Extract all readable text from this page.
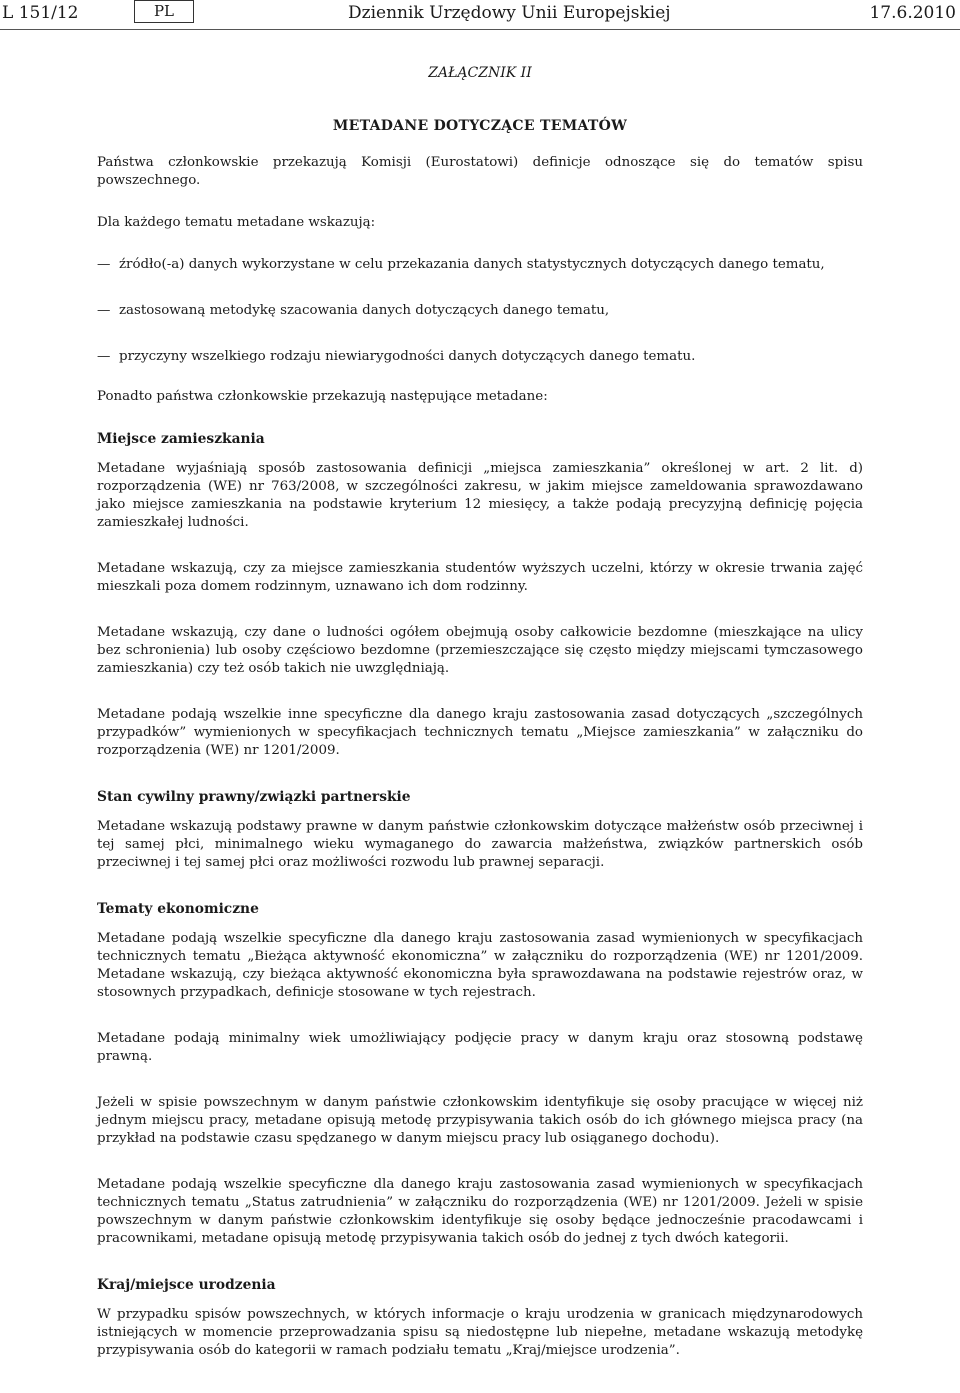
L 151/12	PL	Dziennik Urzędowy Unii Europejskiej	17.6.2010
ZAŁĄCZNIK II
METADANE DOTYCZĄCE TEMATÓW

Państwa członkowskie przekazują Komisji (Eurostatowi) definicje odnoszące się do tematów spisu powszechnego.

Dla każdego tematu metadane wskazują:

— źródło(-a) danych wykorzystane w celu przekazania danych statystycznych dotyczących danego tematu,
— zastosowaną metodykę szacowania danych dotyczących danego tematu,
— przyczyny wszelkiego rodzaju niewiarygodności danych dotyczących danego tematu.

Ponadto państwa członkowskie przekazują następujące metadane:

Miejsce zamieszkania

Metadane wyjaśniają sposób zastosowania definicji „miejsca zamieszkania” określonej w art. 2 lit. d) rozporządzenia (WE) nr 763/2008, w szczególności zakresu, w jakim miejsce zameldowania sprawozdawano jako miejsce zamieszkania na podstawie kryterium 12 miesięcy, a także podają precyzyjną definicję pojęcia zamieszkałej ludności.

Metadane wskazują, czy za miejsce zamieszkania studentów wyższych uczelni, którzy w okresie trwania zajęć mieszkali poza domem rodzinnym, uznawano ich dom rodzinny.

Metadane wskazują, czy dane o ludności ogółem obejmują osoby całkowicie bezdomne (mieszkające na ulicy bez schronienia) lub osoby częściowo bezdomne (przemieszczające się często między miejscami tymczasowego zamieszkania) czy też osób takich nie uwzględniają.

Metadane podają wszelkie inne specyficzne dla danego kraju zastosowania zasad dotyczących „szczególnych przypadków” wymienionych w specyfikacjach technicznych tematu „Miejsce zamieszkania” w załączniku do rozporządzenia (WE) nr 1201/2009.

Stan cywilny prawny/związki partnerskie

Metadane wskazują podstawy prawne w danym państwie członkowskim dotyczące małżeństw osób przeciwnej i tej samej płci, minimalnego wieku wymaganego do zawarcia małżeństwa, związków partnerskich osób przeciwnej i tej samej płci oraz możliwości rozwodu lub prawnej separacji.

Tematy ekonomiczne

Metadane podają wszelkie specyficzne dla danego kraju zastosowania zasad wymienionych w specyfikacjach technicznych tematu „Bieżąca aktywność ekonomiczna” w załączniku do rozporządzenia (WE) nr 1201/2009. Metadane wskazują, czy bieżąca aktywność ekonomiczna była sprawozdawana na podstawie rejestrów oraz, w stosownych przypadkach, definicje stosowane w tych rejestrach.

Metadane podają minimalny wiek umożliwiający podjęcie pracy w danym kraju oraz stosowną podstawę prawną.

Jeżeli w spisie powszechnym w danym państwie członkowskim identyfikuje się osoby pracujące w więcej niż jednym miejscu pracy, metadane opisują metodę przypisywania takich osób do ich głównego miejsca pracy (na przykład na podstawie czasu spędzanego w danym miejscu pracy lub osiąganego dochodu).

Metadane podają wszelkie specyficzne dla danego kraju zastosowania zasad wymienionych w specyfikacjach technicznych tematu „Status zatrudnienia” w załączniku do rozporządzenia (WE) nr 1201/2009. Jeżeli w spisie powszechnym w danym państwie członkowskim identyfikuje się osoby będące jednocześnie pracodawcami i pracownikami, metadane opisują metodę przypisywania takich osób do jednej z tych dwóch kategorii.

Kraj/miejsce urodzenia

W przypadku spisów powszechnych, w których informacje o kraju urodzenia w granicach międzynarodowych istniejących w momencie przeprowadzania spisu są niedostępne lub niepełne, metadane wskazują metodykę przypisywania osób do kategorii w ramach podziału tematu „Kraj/miejsce urodzenia”.
